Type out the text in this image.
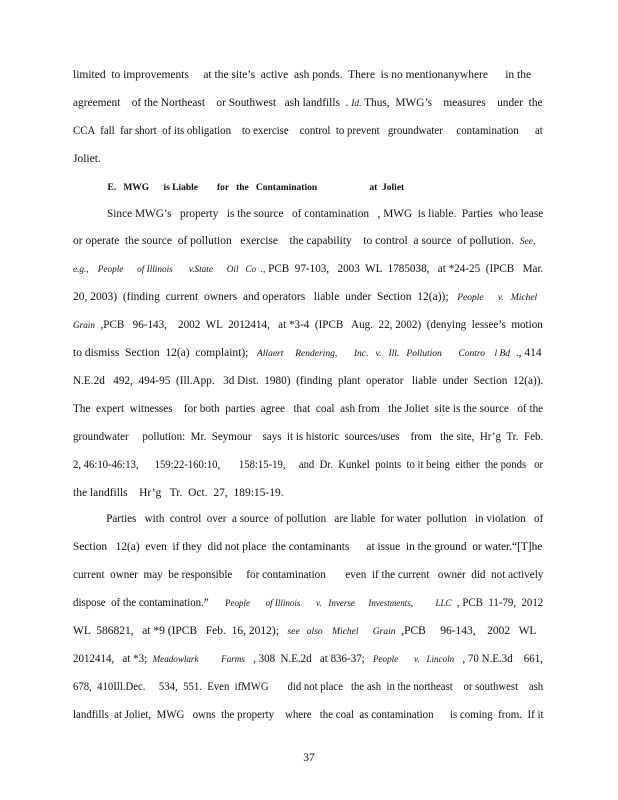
limited  to improvements     at the site’s  active  ash ponds.  There  is no mentionanywhere      in the
agreement    of the Northeast    or Southwest   ash landfills  . Id. Thus,  MWG’s    measures    under  the
CCA  fall  far short  of its obligation    to exercise    control  to prevent   groundwater     contamination      at
Joliet.
E.   MWG      is Liable        for   the   Contamination                      at  Joliet
Since MWG’s   property   is the source   of contamination   , MWG  is liable.  Parties  who lease
or operate  the source  of pollution   exercise    the capability    to control  a source  of pollution.  See,
e.g.,    People      of Illinois       v.State      Oil   Co  ., PCB  97-103,   2003  WL  1785038,   at *24-25  (IPCB   Mar.
20, 2003)  (finding  current  owners  and operators   liable  under  Section  12(a));   People      v.   Michel
Grain  ,PCB   96-143,    2002  WL  2012414,   at *3-4  (IPCB   Aug.  22, 2002)  (denying  lessee’s  motion
to dismiss  Section  12(a)  complaint);   Allaert     Rendering,       Inc.   v.   Ill.   Pollution       Contro    l Bd  ., 414
N.E.2d   492,  494-95  (Ill.App.   3d Dist.  1980)  (finding  plant  operator   liable  under  Section  12(a)).
The  expert  witnesses    for both  parties  agree   that  coal  ash from   the Joliet  site is the source   of the
groundwater     pollution:  Mr.  Seymour    says  it is historic  sources/uses    from   the site,  Hr’g  Tr.  Feb.
2, 46:10-46:13,      159:22-160:10,       158:15-19,     and  Dr.  Kunkel  points  to it being  either  the ponds   or
the landfills    Hr’g   Tr.  Oct.  27,  189:15-19.
Parties   with  control  over  a source  of pollution   are liable  for water  pollution   in violation   of
Section   12(a)  even  if they  did not place  the contaminants      at issue  in the ground  or water.“[T]he
current  owner  may  be responsible     for contamination       even  if the current   owner  did  not actively
dispose  of the contamination.”      People       of Illinois       v.   Inverse      Investments,          LLC  , PCB  11-79,  2012
WL  586821,   at *9 (IPCB   Feb.  16, 2012);   see   also    Michel      Grain  ,PCB     96-143,    2002   WL
2012414,   at *3;  Meadowlark          Farms   , 308  N.E.2d   at 836-37;   People       v.   Lincoln   , 70 N.E.3d    661,
678,  410Ill.Dec.     534,  551.  Even  ifMWG       did not place   the ash  in the northeast    or southwest    ash
landfills  at Joliet,  MWG   owns  the property    where   the coal  as contamination      is coming  from.  If it
37
